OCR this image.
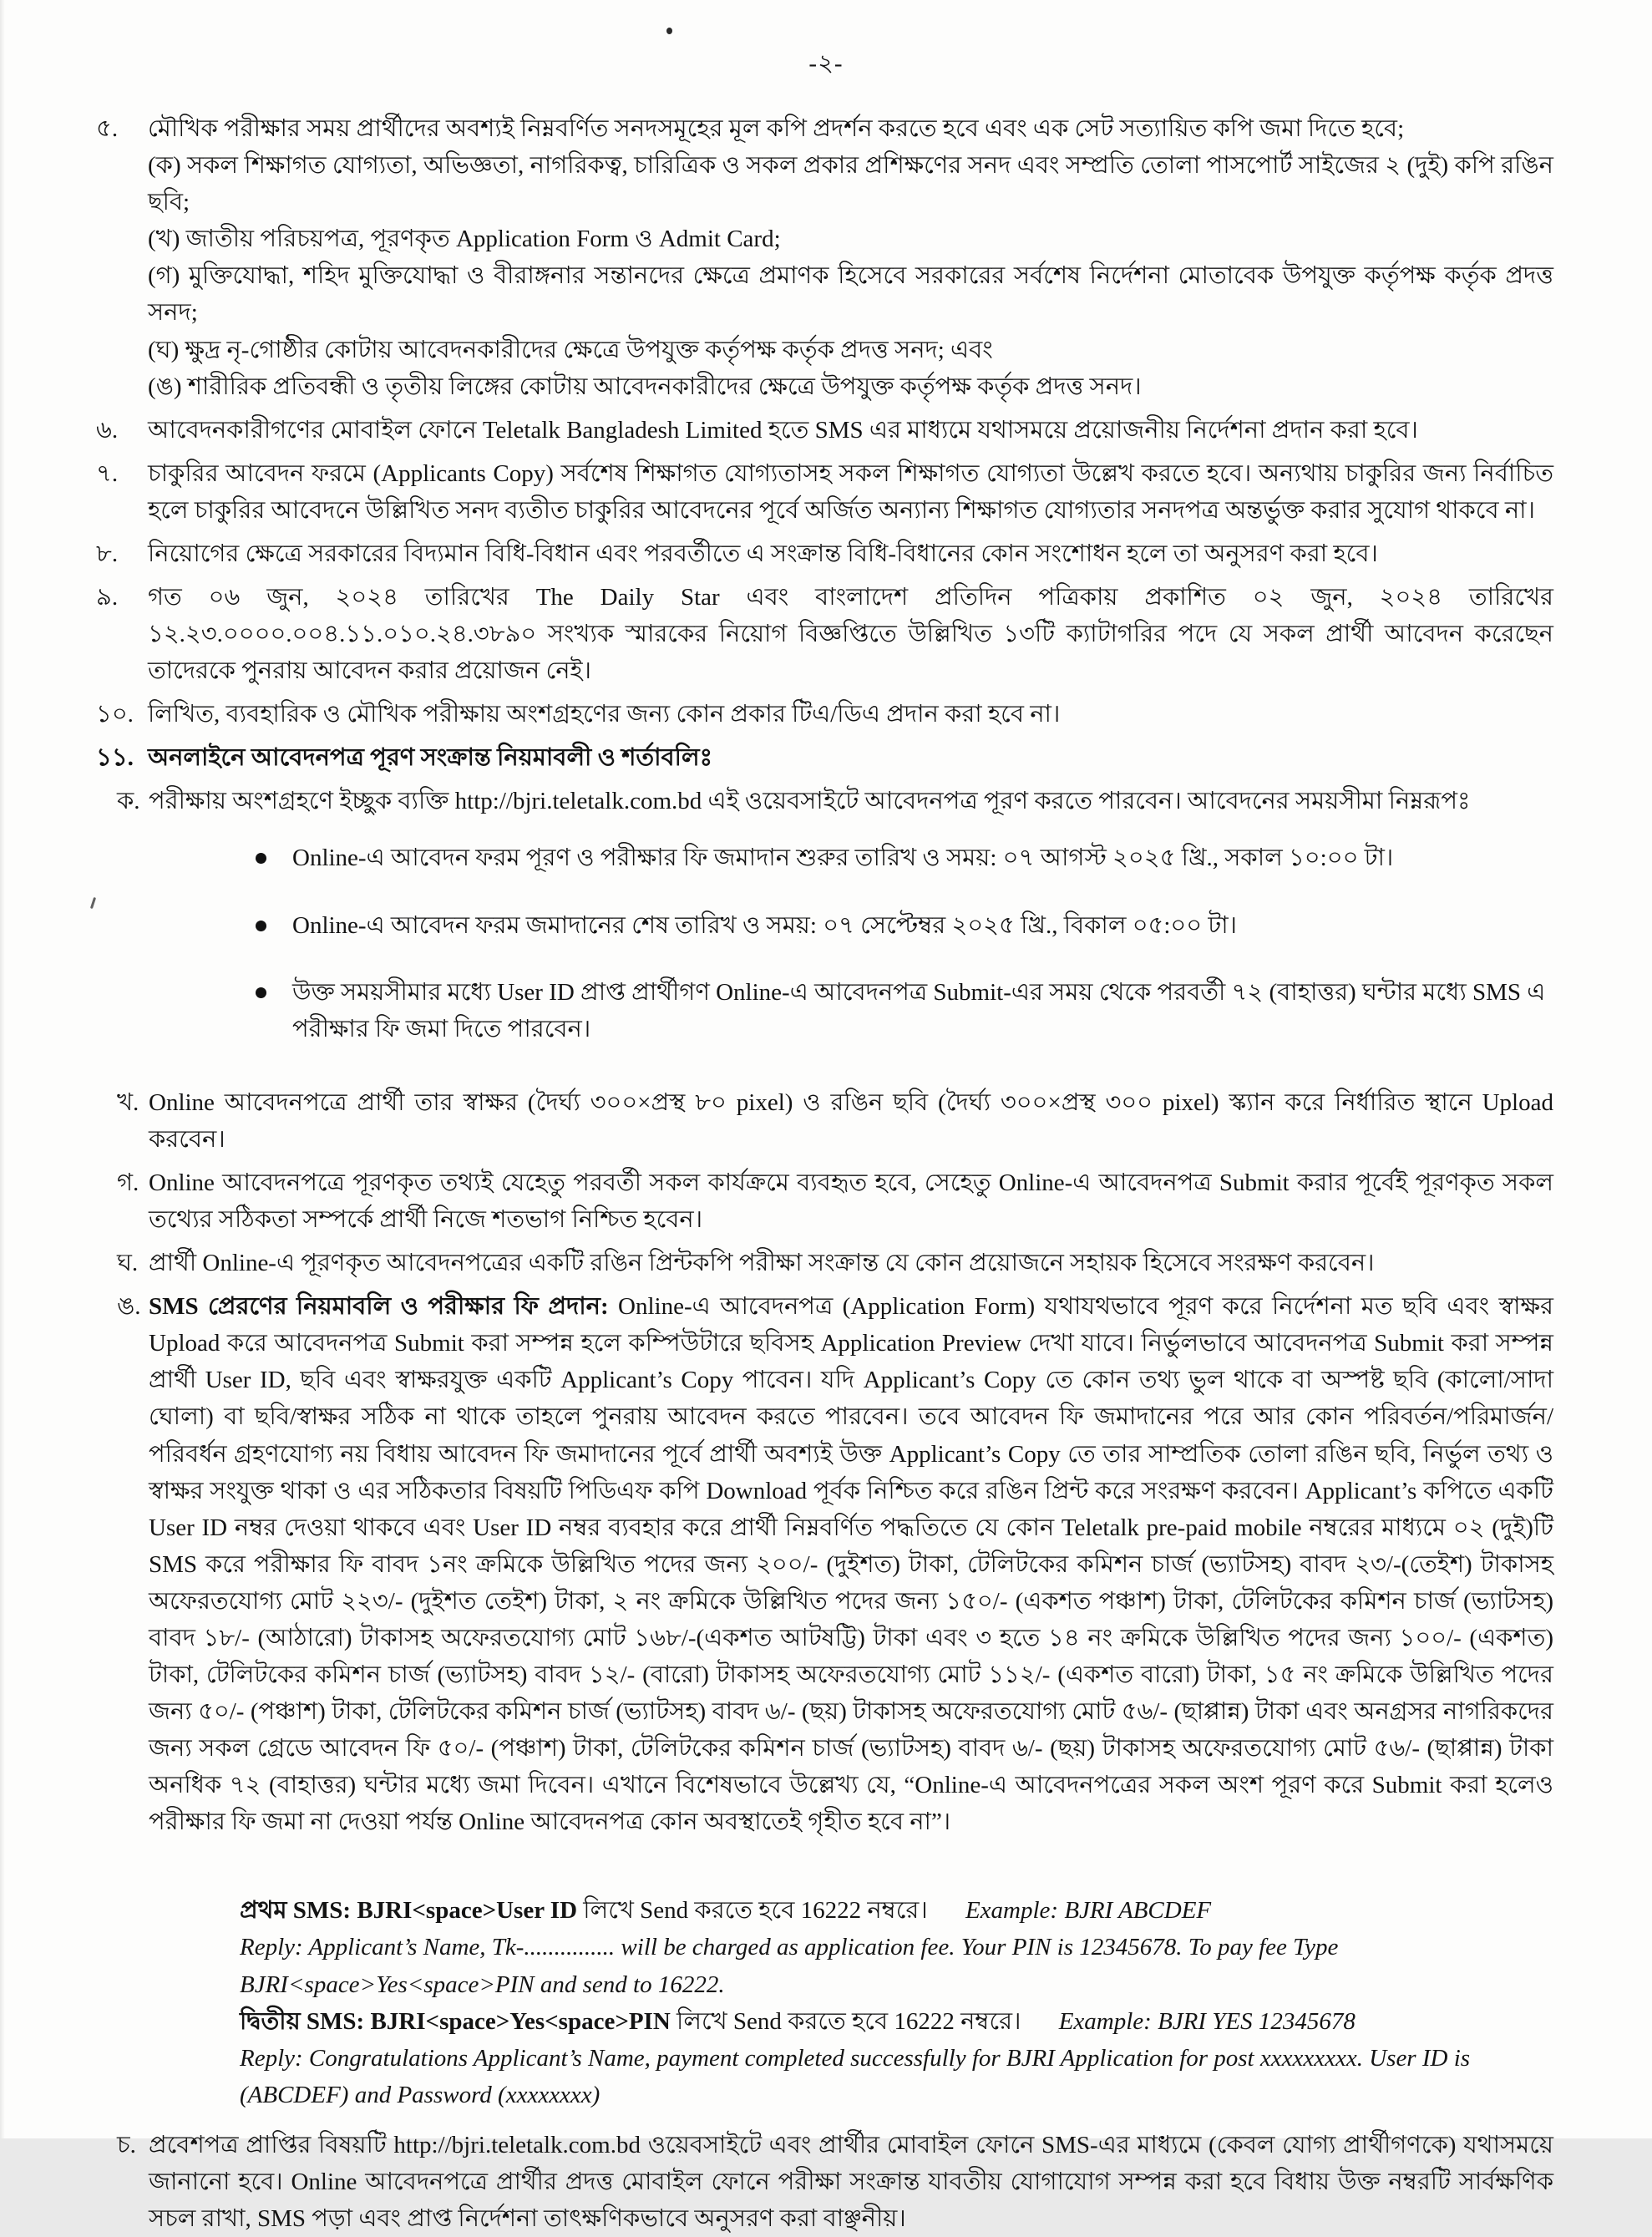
-২-
৫.	মৌখিক পরীক্ষার সময় প্রার্থীদের অবশ্যই নিম্নবর্ণিত সনদসমূহের মূল কপি প্রদর্শন করতে হবে এবং এক সেট সত্যায়িত কপি জমা দিতে হবে;

(ক) সকল শিক্ষাগত যোগ্যতা, অভিজ্ঞতা, নাগরিকত্ব, চারিত্রিক ও সকল প্রকার প্রশিক্ষণের সনদ এবং সম্প্রতি তোলা পাসপোর্ট সাইজের ২ (দুই) কপি রঙিন ছবি;

(খ) জাতীয় পরিচয়পত্র, পূরণকৃত Application Form ও Admit Card;

(গ) মুক্তিযোদ্ধা, শহিদ মুক্তিযোদ্ধা ও বীরাঙ্গনার সন্তানদের ক্ষেত্রে প্রমাণক হিসেবে সরকারের সর্বশেষ নির্দেশনা মোতাবেক উপযুক্ত কর্তৃপক্ষ কর্তৃক প্রদত্ত সনদ;

(ঘ) ক্ষুদ্র নৃ-গোষ্ঠীর কোটায় আবেদনকারীদের ক্ষেত্রে উপযুক্ত কর্তৃপক্ষ কর্তৃক প্রদত্ত সনদ; এবং

(ঙ) শারীরিক প্রতিবন্ধী ও তৃতীয় লিঙ্গের কোটায় আবেদনকারীদের ক্ষেত্রে উপযুক্ত কর্তৃপক্ষ কর্তৃক প্রদত্ত সনদ।

৬.	আবেদনকারীগণের মোবাইল ফোনে Teletalk Bangladesh Limited হতে SMS এর মাধ্যমে যথাসময়ে প্রয়োজনীয় নির্দেশনা প্রদান করা হবে।

৭.	চাকুরির আবেদন ফরমে (Applicants Copy) সর্বশেষ শিক্ষাগত যোগ্যতাসহ সকল শিক্ষাগত যোগ্যতা উল্লেখ করতে হবে। অন্যথায় চাকুরির জন্য নির্বাচিত হলে চাকুরির আবেদনে উল্লিখিত সনদ ব্যতীত চাকুরির আবেদনের পূর্বে অর্জিত অন্যান্য শিক্ষাগত যোগ্যতার সনদপত্র অন্তর্ভুক্ত করার সুযোগ থাকবে না।

৮.	নিয়োগের ক্ষেত্রে সরকারের বিদ্যমান বিধি-বিধান এবং পরবর্তীতে এ সংক্রান্ত বিধি-বিধানের কোন সংশোধন হলে তা অনুসরণ করা হবে।

৯.	গত ০৬ জুন, ২০২৪ তারিখের The Daily Star এবং বাংলাদেশ প্রতিদিন পত্রিকায় প্রকাশিত ০২ জুন, ২০২৪ তারিখের ১২.২৩.০০০০.০০৪.১১.০১০.২৪.৩৮৯০ সংখ্যক স্মারকের নিয়োগ বিজ্ঞপ্তিতে উল্লিখিত ১৩টি ক্যাটাগরির পদে যে সকল প্রার্থী আবেদন করেছেন তাদেরকে পুনরায় আবেদন করার প্রয়োজন নেই।

১০. লিখিত, ব্যবহারিক ও মৌখিক পরীক্ষায় অংশগ্রহণের জন্য কোন প্রকার টিএ/ডিএ প্রদান করা হবে না।

১১. অনলাইনে আবেদনপত্র পূরণ সংক্রান্ত নিয়মাবলী ও শর্তাবলিঃ

ক. পরীক্ষায় অংশগ্রহণে ইচ্ছুক ব্যক্তি http://bjri.teletalk.com.bd এই ওয়েবসাইটে আবেদনপত্র পূরণ করতে পারবেন। আবেদনের সময়সীমা নিম্নরূপঃ

Online-এ আবেদন ফরম পূরণ ও পরীক্ষার ফি জমাদান শুরুর তারিখ ও সময়: ০৭ আগস্ট ২০২৫ খ্রি., সকাল ১০:০০ টা।
Online-এ আবেদন ফরম জমাদানের শেষ তারিখ ও সময়: ০৭ সেপ্টেম্বর ২০২৫ খ্রি., বিকাল ০৫:০০ টা।
উক্ত সময়সীমার মধ্যে User ID প্রাপ্ত প্রার্থীগণ Online-এ আবেদনপত্র Submit-এর সময় থেকে পরবর্তী ৭২ (বাহাত্তর) ঘন্টার মধ্যে SMS এ পরীক্ষার ফি জমা দিতে পারবেন।
খ. Online আবেদনপত্রে প্রার্থী তার স্বাক্ষর (দৈর্ঘ্য ৩০০×প্রস্থ ৮০ pixel) ও রঙিন ছবি (দৈর্ঘ্য ৩০০×প্রস্থ ৩০০ pixel) স্ক্যান করে নির্ধারিত স্থানে Upload করবেন।

গ. Online আবেদনপত্রে পূরণকৃত তথ্যই যেহেতু পরবর্তী সকল কার্যক্রমে ব্যবহৃত হবে, সেহেতু Online-এ আবেদনপত্র Submit করার পূর্বেই পূরণকৃত সকল তথ্যের সঠিকতা সম্পর্কে প্রার্থী নিজে শতভাগ নিশ্চিত হবেন।

ঘ. প্রার্থী Online-এ পূরণকৃত আবেদনপত্রের একটি রঙিন প্রিন্টকপি পরীক্ষা সংক্রান্ত যে কোন প্রয়োজনে সহায়ক হিসেবে সংরক্ষণ করবেন।

ঙ. SMS প্রেরণের নিয়মাবলি ও পরীক্ষার ফি প্রদান: Online-এ আবেদনপত্র (Application Form) যথাযথভাবে পূরণ করে নির্দেশনা মত ছবি এবং স্বাক্ষর Upload করে আবেদনপত্র Submit করা সম্পন্ন হলে কম্পিউটারে ছবিসহ Application Preview দেখা যাবে। নির্ভুলভাবে আবেদনপত্র Submit করা সম্পন্ন প্রার্থী User ID, ছবি এবং স্বাক্ষরযুক্ত একটি Applicant’s Copy পাবেন। যদি Applicant’s Copy তে কোন তথ্য ভুল থাকে বা অস্পষ্ট ছবি (কালো/সাদা ঘোলা) বা ছবি/স্বাক্ষর সঠিক না থাকে তাহলে পুনরায় আবেদন করতে পারবেন। তবে আবেদন ফি জমাদানের পরে আর কোন পরিবর্তন/পরিমার্জন/পরিবর্ধন গ্রহণযোগ্য নয় বিধায় আবেদন ফি জমাদানের পূর্বে প্রার্থী অবশ্যই উক্ত Applicant’s Copy তে তার সাম্প্রতিক তোলা রঙিন ছবি, নির্ভুল তথ্য ও স্বাক্ষর সংযুক্ত থাকা ও এর সঠিকতার বিষয়টি পিডিএফ কপি Download পূর্বক নিশ্চিত করে রঙিন প্রিন্ট করে সংরক্ষণ করবেন। Applicant’s কপিতে একটি User ID নম্বর দেওয়া থাকবে এবং User ID নম্বর ব্যবহার করে প্রার্থী নিম্নবর্ণিত পদ্ধতিতে যে কোন Teletalk pre-paid mobile নম্বরের মাধ্যমে ০২ (দুই)টি SMS করে পরীক্ষার ফি বাবদ ১নং ক্রমিকে উল্লিখিত পদের জন্য ২০০/- (দুইশত) টাকা, টেলিটকের কমিশন চার্জ (ভ্যাটসহ) বাবদ ২৩/-(তেইশ) টাকাসহ অফেরতযোগ্য মোট ২২৩/- (দুইশত তেইশ) টাকা, ২ নং ক্রমিকে উল্লিখিত পদের জন্য ১৫০/- (একশত পঞ্চাশ) টাকা, টেলিটকের কমিশন চার্জ (ভ্যাটসহ) বাবদ ১৮/- (আঠারো) টাকাসহ অফেরতযোগ্য মোট ১৬৮/-(একশত আটষট্টি) টাকা এবং ৩ হতে ১৪ নং ক্রমিকে উল্লিখিত পদের জন্য ১০০/- (একশত) টাকা, টেলিটকের কমিশন চার্জ (ভ্যাটসহ) বাবদ ১২/- (বারো) টাকাসহ অফেরতযোগ্য মোট ১১২/- (একশত বারো) টাকা, ১৫ নং ক্রমিকে উল্লিখিত পদের জন্য ৫০/- (পঞ্চাশ) টাকা, টেলিটকের কমিশন চার্জ (ভ্যাটসহ) বাবদ ৬/- (ছয়) টাকাসহ অফেরতযোগ্য মোট ৫৬/- (ছাপ্পান্ন) টাকা এবং অনগ্রসর নাগরিকদের জন্য সকল গ্রেডে আবেদন ফি ৫০/- (পঞ্চাশ) টাকা, টেলিটকের কমিশন চার্জ (ভ্যাটসহ) বাবদ ৬/- (ছয়) টাকাসহ অফেরতযোগ্য মোট ৫৬/- (ছাপ্পান্ন) টাকা অনধিক ৭২ (বাহাত্তর) ঘন্টার মধ্যে জমা দিবেন। এখানে বিশেষভাবে উল্লেখ্য যে, “Online-এ আবেদনপত্রের সকল অংশ পূরণ করে Submit করা হলেও পরীক্ষার ফি জমা না দেওয়া পর্যন্ত Online আবেদনপত্র কোন অবস্থাতেই গৃহীত হবে না”।

প্রথম SMS: BJRI<space>User ID লিখে Send করতে হবে 16222 নম্বরে। Example: BJRI ABCDEF

Reply: Applicant’s Name, Tk-............... will be charged as application fee. Your PIN is 12345678. To pay fee Type BJRI<space>Yes<space>PIN and send to 16222.

দ্বিতীয় SMS: BJRI<space>Yes<space>PIN লিখে Send করতে হবে 16222 নম্বরে। Example: BJRI YES 12345678

Reply: Congratulations Applicant’s Name, payment completed successfully for BJRI Application for post xxxxxxxxx. User ID is (ABCDEF) and Password (xxxxxxxx)

চ. প্রবেশপত্র প্রাপ্তির বিষয়টি http://bjri.teletalk.com.bd ওয়েবসাইটে এবং প্রার্থীর মোবাইল ফোনে SMS-এর মাধ্যমে (কেবল যোগ্য প্রার্থীগণকে) যথাসময়ে জানানো হবে। Online আবেদনপত্রে প্রার্থীর প্রদত্ত মোবাইল ফোনে পরীক্ষা সংক্রান্ত যাবতীয় যোগাযোগ সম্পন্ন করা হবে বিধায় উক্ত নম্বরটি সার্বক্ষণিক সচল রাখা, SMS পড়া এবং প্রাপ্ত নির্দেশনা তাৎক্ষণিকভাবে অনুসরণ করা বাঞ্ছনীয়।
